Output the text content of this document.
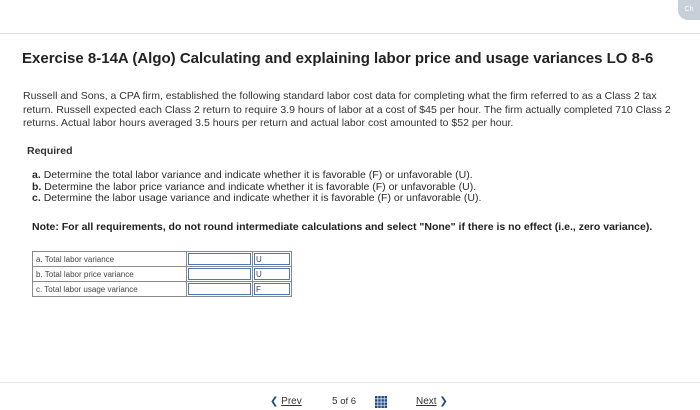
Ch
Exercise 8-14A (Algo) Calculating and explaining labor price and usage variances LO 8-6

Russell and Sons, a CPA firm, established the following standard labor cost data for completing what the firm referred to as a Class 2 tax return. Russell expected each Class 2 return to require 3.9 hours of labor at a cost of $45 per hour. The firm actually completed 710 Class 2 returns. Actual labor hours averaged 3.5 hours per return and actual labor cost amounted to $52 per hour.

Required
a. Determine the total labor variance and indicate whether it is favorable (F) or unfavorable (U).
b. Determine the labor price variance and indicate whether it is favorable (F) or unfavorable (U).
c. Determine the labor usage variance and indicate whether it is favorable (F) or unfavorable (U).
Note: For all requirements, do not round intermediate calculations and select "None" if there is no effect (i.e., zero variance).
a. Total labor variance		U
b. Total labor price variance		U
c. Total labor usage variance		F
❮ Prev	5 of 6	Next ❯
